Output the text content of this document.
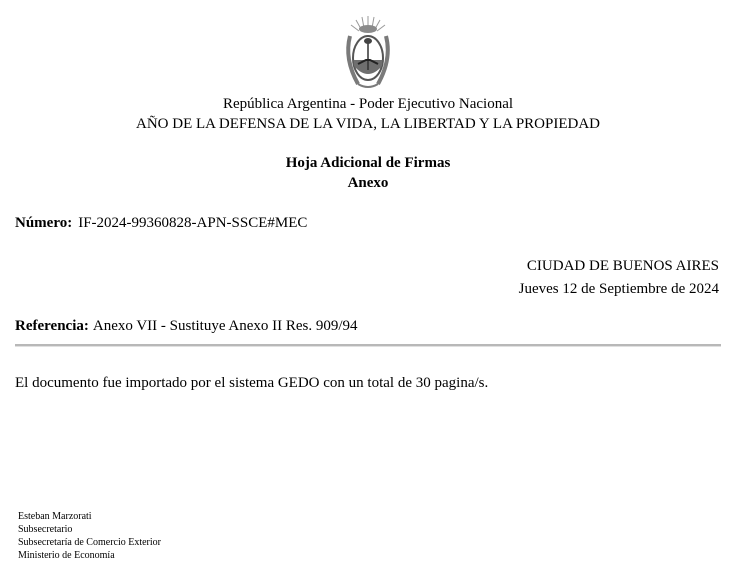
República Argentina - Poder Ejecutivo Nacional
AÑO DE LA DEFENSA DE LA VIDA, LA LIBERTAD Y LA PROPIEDAD
Hoja Adicional de Firmas
Anexo
Número: IF-2024-99360828-APN-SSCE#MEC
CIUDAD DE BUENOS AIRES
Jueves 12 de Septiembre de 2024
Referencia: Anexo VII - Sustituye Anexo II Res. 909/94
El documento fue importado por el sistema GEDO con un total de 30 pagina/s.
Esteban Marzorati
Subsecretario
Subsecretaría de Comercio Exterior
Ministerio de Economía
